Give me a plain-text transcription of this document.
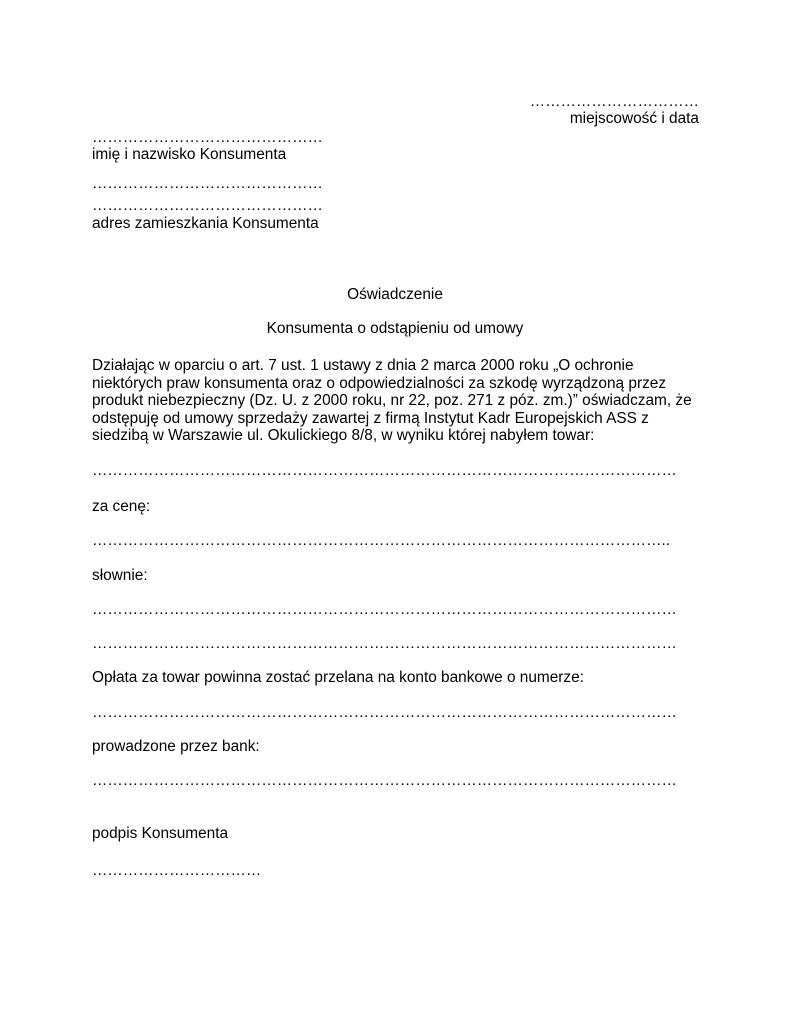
……………………………
miejscowość i data
………………………………………
imię i nazwisko Konsumenta
………………………………………
………………………………………
adres zamieszkania Konsumenta
Oświadczenie
Konsumenta o odstąpieniu od umowy
Działając w oparciu o art. 7 ust. 1 ustawy z dnia 2 marca 2000 roku „O ochronie
niektórych praw konsumenta oraz o odpowiedzialności za szkodę wyrządzoną przez
produkt niebezpieczny (Dz. U. z 2000 roku, nr 22, poz. 271 z póz. zm.)” oświadczam, że
odstępuję od umowy sprzedaży zawartej z firmą Instytut Kadr Europejskich ASS z
siedzibą w Warszawie ul. Okulickiego 8/8, w wyniku której nabyłem towar:
……………………………………………………………………………………………………
za cenę:
…………………………………………………………………………………………………..
słownie:
……………………………………………………………………………………………………
……………………………………………………………………………………………………
Opłata za towar powinna zostać przelana na konto bankowe o numerze:
……………………………………………………………………………………………………
prowadzone przez bank:
……………………………………………………………………………………………………
podpis Konsumenta
……………………………
